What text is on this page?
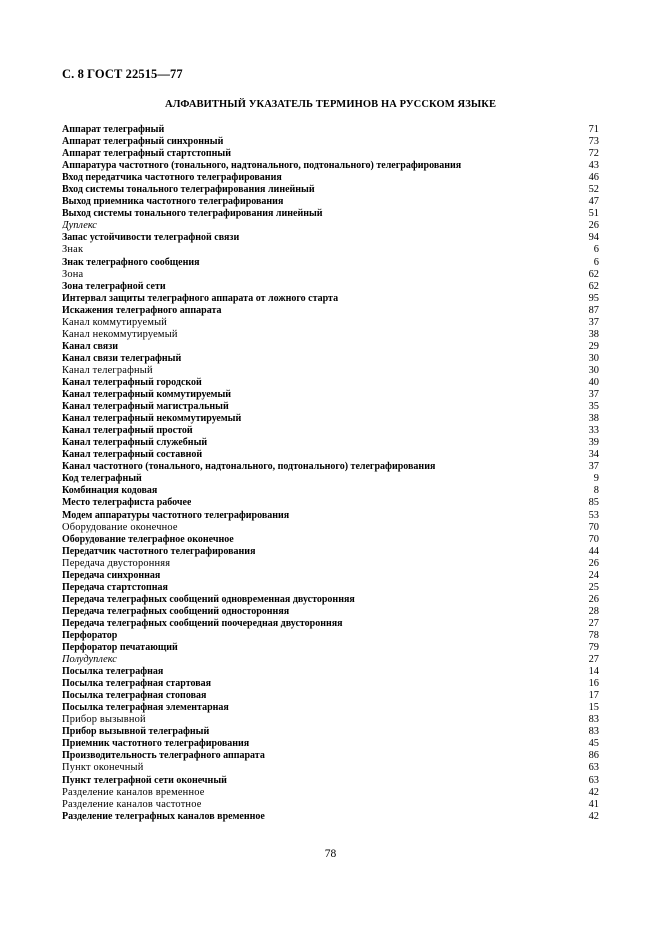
С. 8 ГОСТ 22515—77
АЛФАВИТНЫЙ УКАЗАТЕЛЬ ТЕРМИНОВ НА РУССКОМ ЯЗЫКЕ
Аппарат телеграфный	71
Аппарат телеграфный синхронный	73
Аппарат телеграфный стартстопный	72
Аппаратура частотного (тонального, надтонального, подтонального) телеграфирования	43
Вход передатчика частотного телеграфирования	46
Вход системы тонального телеграфирования линейный	52
Выход приемника частотного телеграфирования	47
Выход системы тонального телеграфирования линейный	51
Дуплекс	26
Запас устойчивости телеграфной связи	94
Знак	6
Знак телеграфного сообщения	6
Зона	62
Зона телеграфной сети	62
Интервал защиты телеграфного аппарата от ложного старта	95
Искажения телеграфного аппарата	87
Канал коммутируемый	37
Канал некоммутируемый	38
Канал связи	29
Канал связи телеграфный	30
Канал телеграфный	30
Канал телеграфный городской	40
Канал телеграфный коммутируемый	37
Канал телеграфный магистральный	35
Канал телеграфный некоммутируемый	38
Канал телеграфный простой	33
Канал телеграфный служебный	39
Канал телеграфный составной	34
Канал частотного (тонального, надтонального, подтонального) телеграфирования	37
Код телеграфный	9
Комбинация кодовая	8
Место телеграфиста рабочее	85
Модем аппаратуры частотного телеграфирования	53
Оборудование оконечное	70
Оборудование телеграфное оконечное	70
Передатчик частотного телеграфирования	44
Передача двусторонняя	26
Передача синхронная	24
Передача стартстопная	25
Передача телеграфных сообщений одновременная двусторонняя	26
Передача телеграфных сообщений односторонняя	28
Передача телеграфных сообщений поочередная двусторонняя	27
Перфоратор	78
Перфоратор печатающий	79
Полудуплекс	27
Посылка телеграфная	14
Посылка телеграфная стартовая	16
Посылка телеграфная стоповая	17
Посылка телеграфная элементарная	15
Прибор вызывной	83
Прибор вызывной телеграфный	83
Приемник частотного телеграфирования	45
Производительность телеграфного аппарата	86
Пункт оконечный	63
Пункт телеграфной сети оконечный	63
Разделение каналов временное	42
Разделение каналов частотное	41
Разделение телеграфных каналов временное	42
78
